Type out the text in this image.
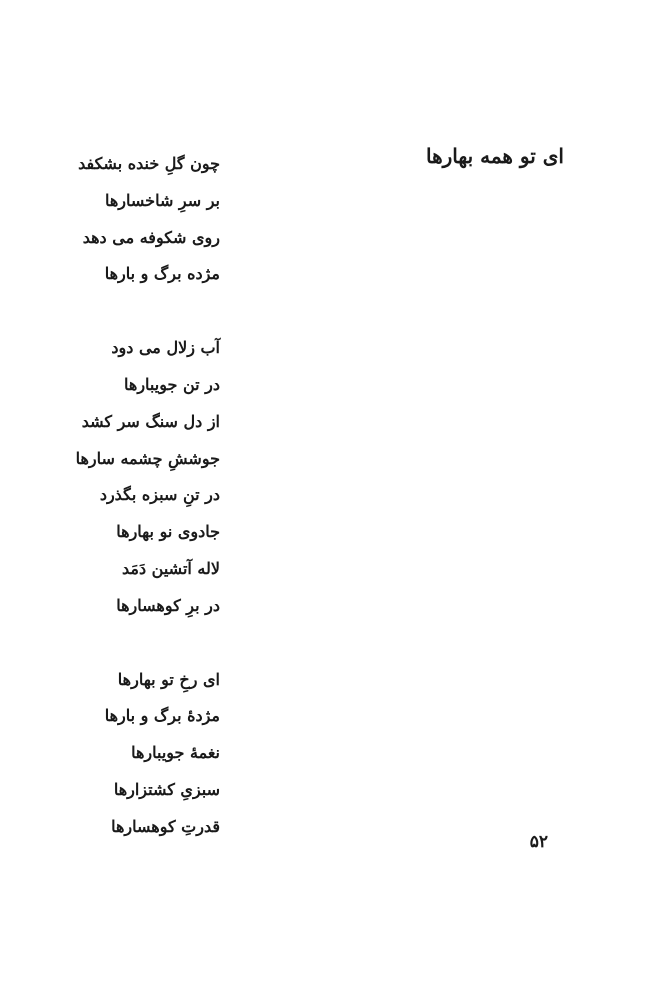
ای تو همه بهارها
چون گلِ خنده بشکفد
بر سرِ شاخسارها
روی شکوفه می دهد
مژده برگ و بارها
آب زلال می دود
در تن جویبارها
از دل سنگ سر کشد
جوششِ چشمه سارها
در تنِ سبزه بگذرد
جادوی نو بهارها
لاله آتشین دَمَد
در برِ کوهسارها
ای رخِ تو بهارها
مژدهٔ برگ و بارها
نغمهٔ جویبارها
سبزیِ کشتزارها
قدرتِ کوهسارها
۵۲
